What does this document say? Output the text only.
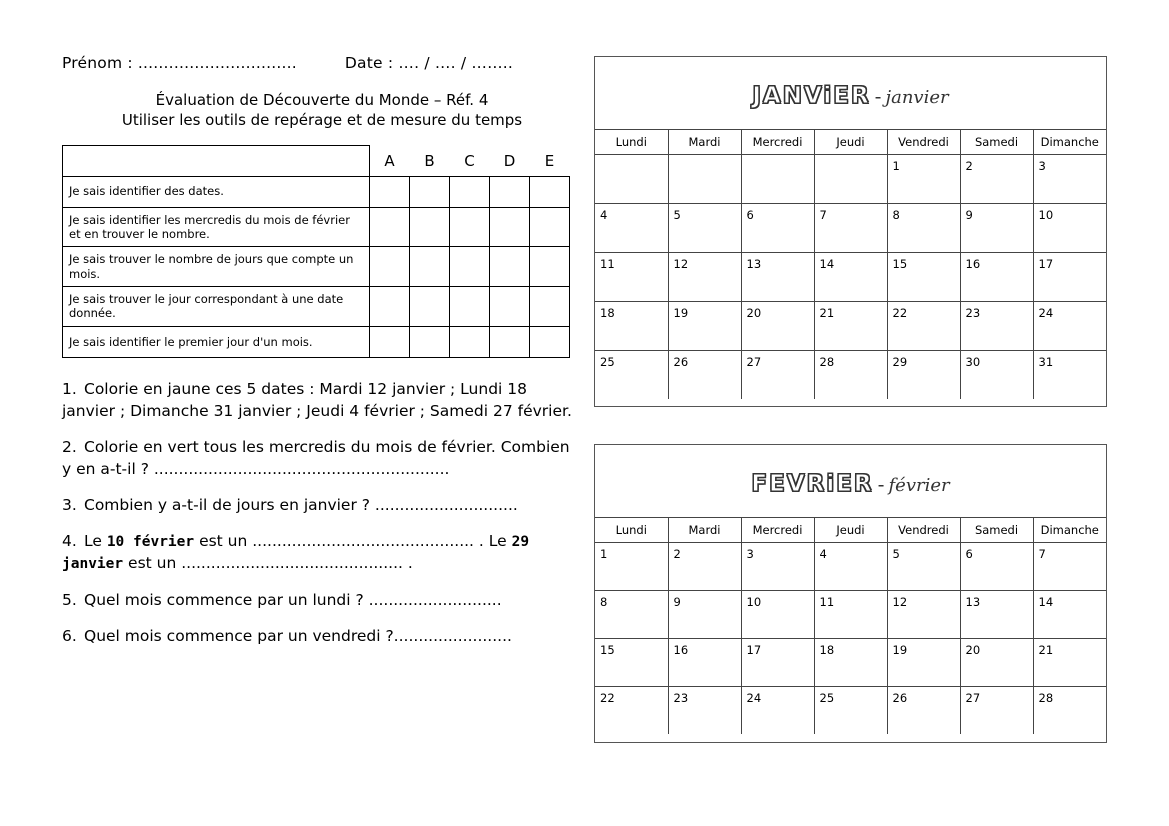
Prénom : ...............................	Date : …. / …. / ……..
Évaluation de Découverte du Monde – Réf. 4
Utiliser les outils de repérage et de mesure du temps
	A	B	C	D	E
Je sais identifier des dates.					
Je sais identifier les mercredis du mois de février et en trouver le nombre.					
Je sais trouver le nombre de jours que compte un mois.					
Je sais trouver le jour correspondant à une date donnée.					
Je sais identifier le premier jour d'un mois.					

1. Colorie en jaune ces 5 dates : Mardi 12 janvier ; Lundi 18 janvier ; Dimanche 31 janvier ; Jeudi 4 février ; Samedi 27 février.

2. Colorie en vert tous les mercredis du mois de février. Combien y en a-t-il ? ............................................................

3. Combien y a-t-il de jours en janvier ? .............................

4. Le 10 février est un ............................................. . Le 29 janvier est un ............................................. .

5. Quel mois commence par un lundi ? ...........................

6. Quel mois commence par un vendredi ?........................

JANViER - janvier
Lundi	Mardi	Mercredi	Jeudi	Vendredi	Samedi	Dimanche
				1	2	3
4	5	6	7	8	9	10
11	12	13	14	15	16	17
18	19	20	21	22	23	24
25	26	27	28	29	30	31
FEVRiER - février
Lundi	Mardi	Mercredi	Jeudi	Vendredi	Samedi	Dimanche
1	2	3	4	5	6	7
8	9	10	11	12	13	14
15	16	17	18	19	20	21
22	23	24	25	26	27	28
